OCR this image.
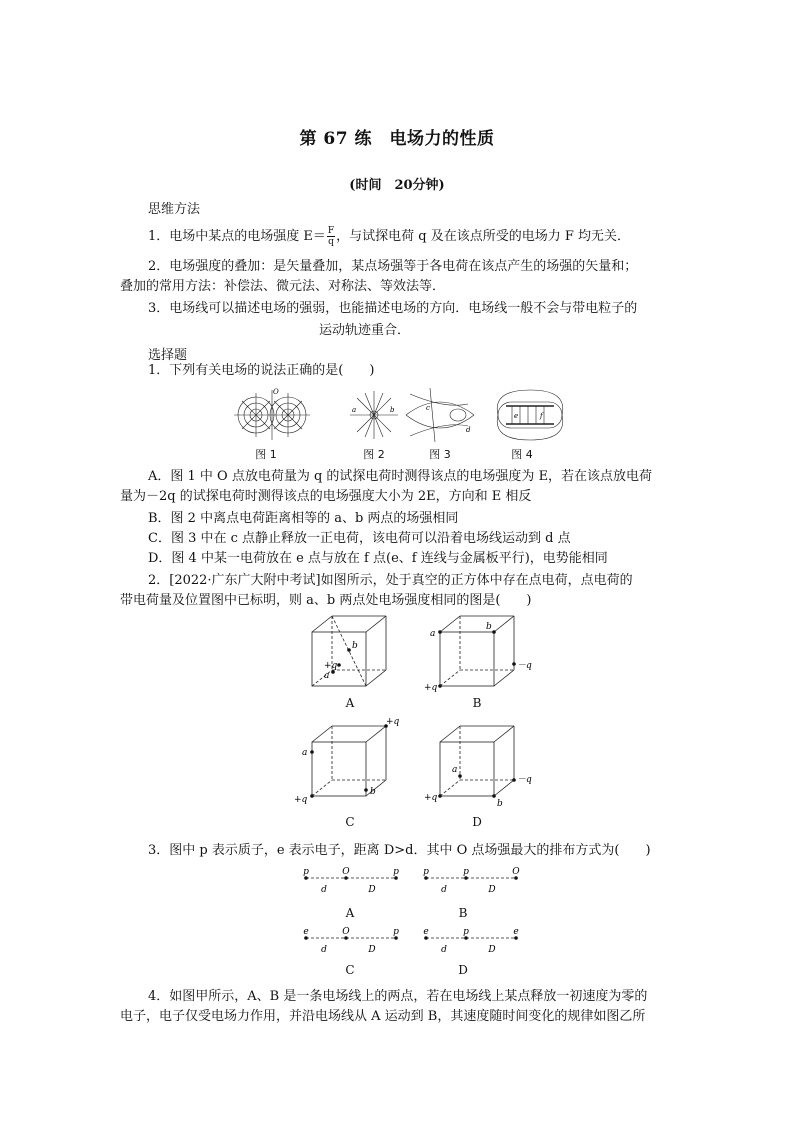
第 67 练　电场力的性质
(时间　20分钟)
思维方法
1．电场中某点的电场强度 $E= \frac{F}{q}$ ，与试探电荷 q 及在该点所受的电场力 F 均无关．
2．电场强度的叠加：是矢量叠加，某点场强等于各电荷在该点产生的场强的矢量和；
叠加的常用方法：补偿法、微元法、对称法、等效法等．
3．电场线可以描述电场的强弱，也能描述电场的方向．电场线一般不会与带电粒子的
运动轨迹重合．
选择题
1．下列有关电场的说法正确的是(　　)
O
a	b	c
d
e	f
图 1	图 2	图 3	图 4
A．图 1 中 O 点放电荷量为 q 的试探电荷时测得该点的电场强度为 E，若在该点放电荷
量为－2q 的试探电荷时测得该点的电场强度大小为 2E，方向和 E 相反
B．图 2 中离点电荷距离相等的 a、b 两点的场强相同
C．图 3 中在 c 点静止释放一正电荷，该电荷可以沿着电场线运动到 d 点
D．图 4 中某一电荷放在 e 点与放在 f 点(e、f 连线与金属板平行)，电势能相同
2．[2022·广东广大附中考试]如图所示，处于真空的正方体中存在点电荷，点电荷的
带电荷量及位置图中已标明，则 a、b 两点处电场强度相同的图是(　　)
b
+q
a
a
b
－q
+q
a
+q
+q
b
a
－q
+q
b
A	B
C	D
3．图中 p 表示质子，e 表示电子，距离 D>d．其中 O 点场强最大的排布方式为(　　)
p	O	p	p	p	O
e	O	p	e	p	e
d	D	d	D
d	D	d	D
A	B
C	D
4．如图甲所示，A、B 是一条电场线上的两点，若在电场线上某点释放一初速度为零的
电子，电子仅受电场力作用，并沿电场线从 A 运动到 B，其速度随时间变化的规律如图乙所
